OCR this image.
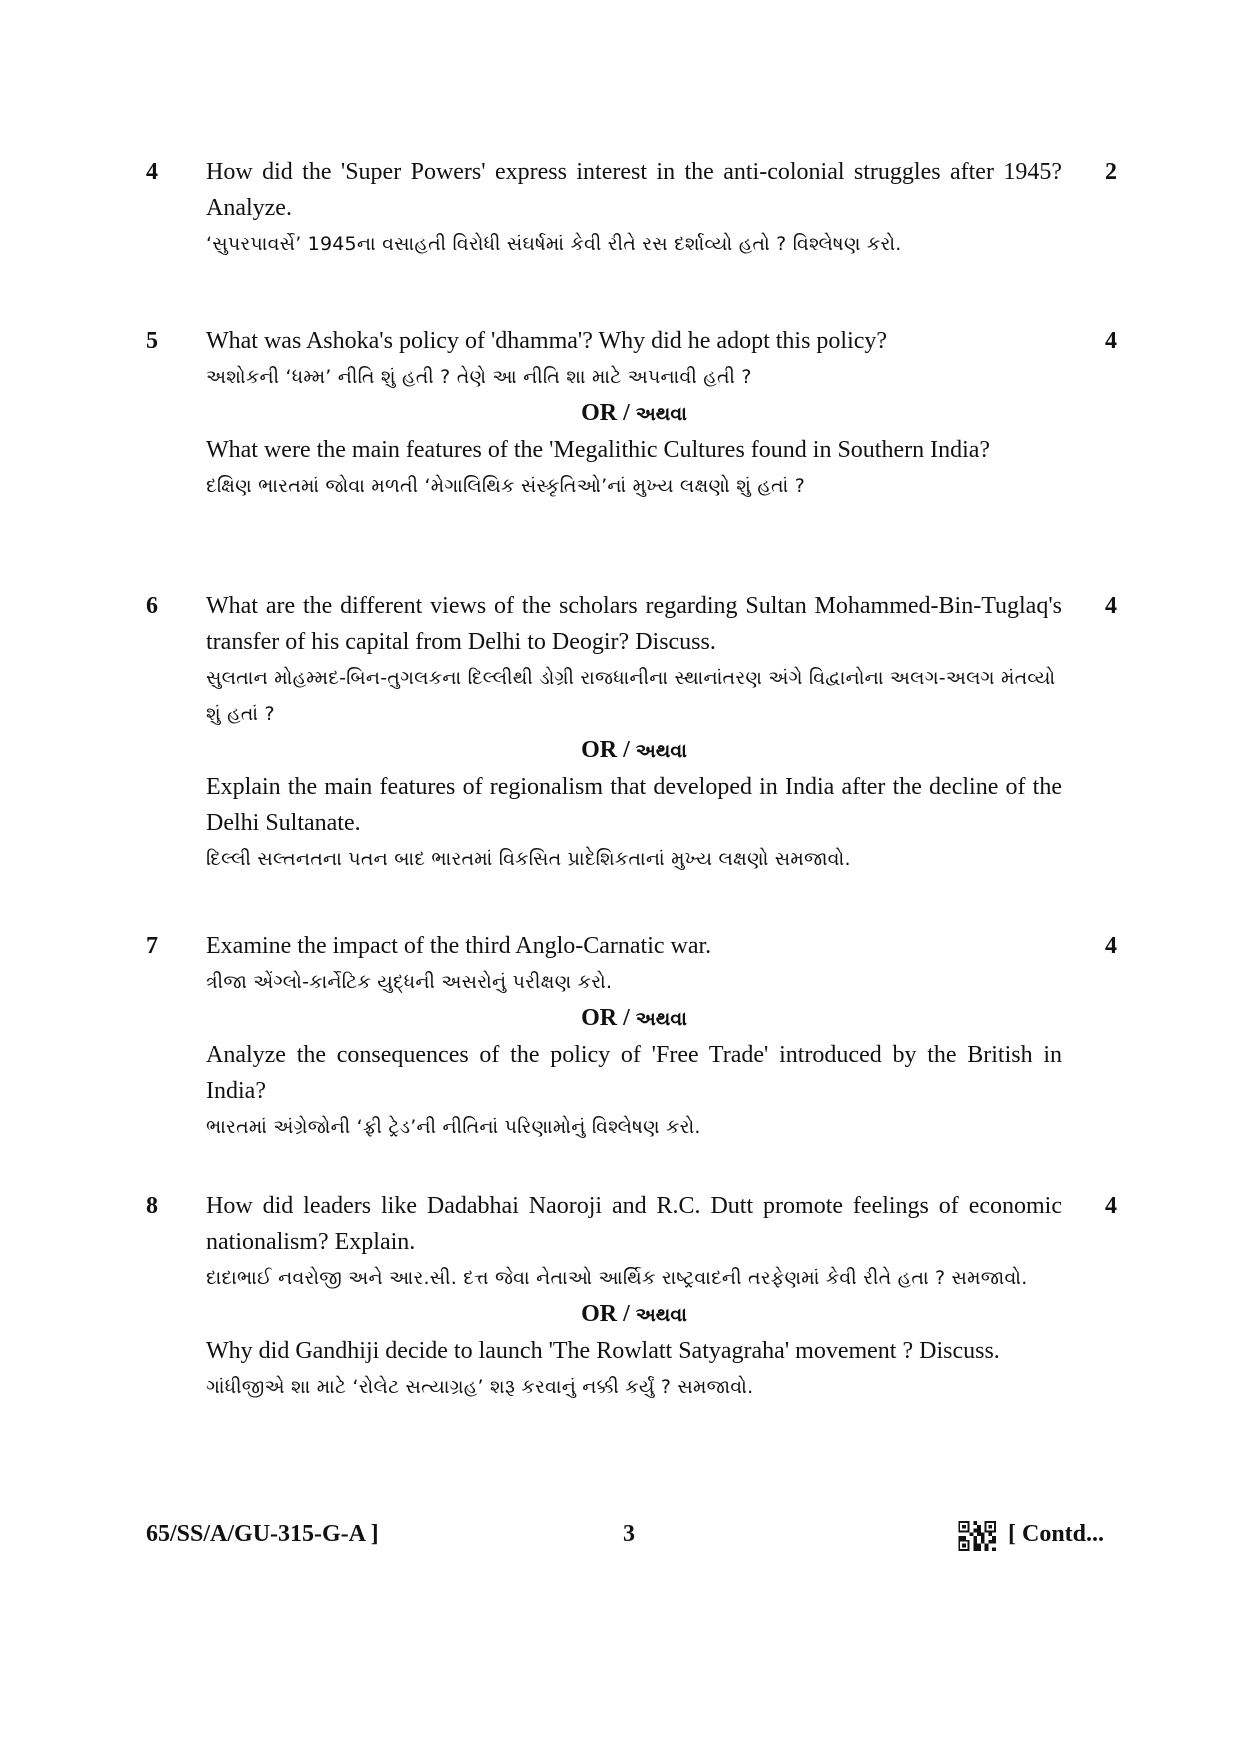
4 How did the 'Super Powers' express interest in the anti-colonial struggles after 1945? Analyze.

‘સુપરપાવર્સે’ 1945ના વસાહતી વિરોધી સંઘર્ષમાં કેવી રીતે રસ દર્શાવ્યો હતો ? વિશ્લેષણ કરો.

2
5 What was Ashoka's policy of 'dhamma'? Why did he adopt this policy?

અશોકની ‘ધમ્મ’ નીતિ શું હતી ? તેણે આ નીતિ શા માટે અપનાવી હતી ?

OR / અથવા

What were the main features of the 'Megalithic Cultures found in Southern India?

દક્ષિણ ભારતમાં જોવા મળતી ‘મેગાલિથિક સંસ્કૃતિઓ’નાં મુખ્ય લક્ષણો શું હતાં ?

4
6 What are the different views of the scholars regarding Sultan Mohammed-Bin-Tuglaq's transfer of his capital from Delhi to Deogir? Discuss.

સુલતાન મોહમ્મદ-બિન-તુગલકના દિલ્લીથી ડોગ્રી રાજધાનીના સ્થાનાંતરણ અંગે વિદ્વાનોના અલગ-અલગ મંતવ્યો શું હતાં ?

OR / અથવા

Explain the main features of regionalism that developed in India after the decline of the Delhi Sultanate.

દિલ્લી સલ્તનતના પતન બાદ ભારતમાં વિકસિત પ્રાદેશિકતાનાં મુખ્ય લક્ષણો સમજાવો.

4
7 Examine the impact of the third Anglo-Carnatic war.

ત્રીજા એંગ્લો-કાર્નેટિક યુદ્ધની અસરોનું પરીક્ષણ કરો.

OR / અથવા

Analyze the consequences of the policy of 'Free Trade' introduced by the British in India?

ભારતમાં અંગ્રેજોની ‘ફ્રી ટ્રેડ’ની નીતિનાં પરિણામોનું વિશ્લેષણ કરો.

4
8 How did leaders like Dadabhai Naoroji and R.C. Dutt promote feelings of economic nationalism? Explain.

દાદાભાઈ નવરોજી અને આર.સી. દત્ત જેવા નેતાઓ આર્થિક રાષ્ટ્રવાદની તરફેણમાં કેવી રીતે હતા ? સમજાવો.

OR / અથવા

Why did Gandhiji decide to launch 'The Rowlatt Satyagraha' movement ? Discuss.

ગાંધીજીએ શા માટે ‘રોલેટ સત્યાગ્રહ’ શરૂ કરવાનું નક્કી કર્યું ? સમજાવો.

4
65/SS/A/GU-315-G-A ]	3	[ Contd...
